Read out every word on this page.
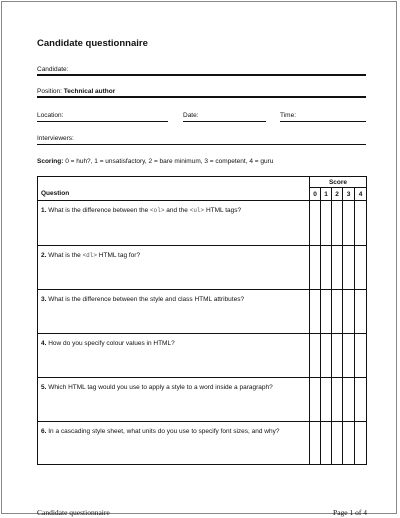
Candidate questionnaire
Candidate:
Position: Technical author
Location:	Date:	Time:
Interviewers:
Scoring: 0 = huh?, 1 = unsatisfactory, 2 = bare minimum, 3 = competent, 4 = guru
Question	Score				
	0	1	2	3	4
1. What is the difference between the <ol> and the <ul> HTML tags?					
2. What is the <dl> HTML tag for?					
3. What is the difference between the style and class HTML attributes?					
4. How do you specify colour values in HTML?					
5. Which HTML tag would you use to apply a style to a word inside a paragraph?					
6. In a cascading style sheet, what units do you use to specify font sizes, and why?					
Candidate questionnaire	Page 1 of 4
